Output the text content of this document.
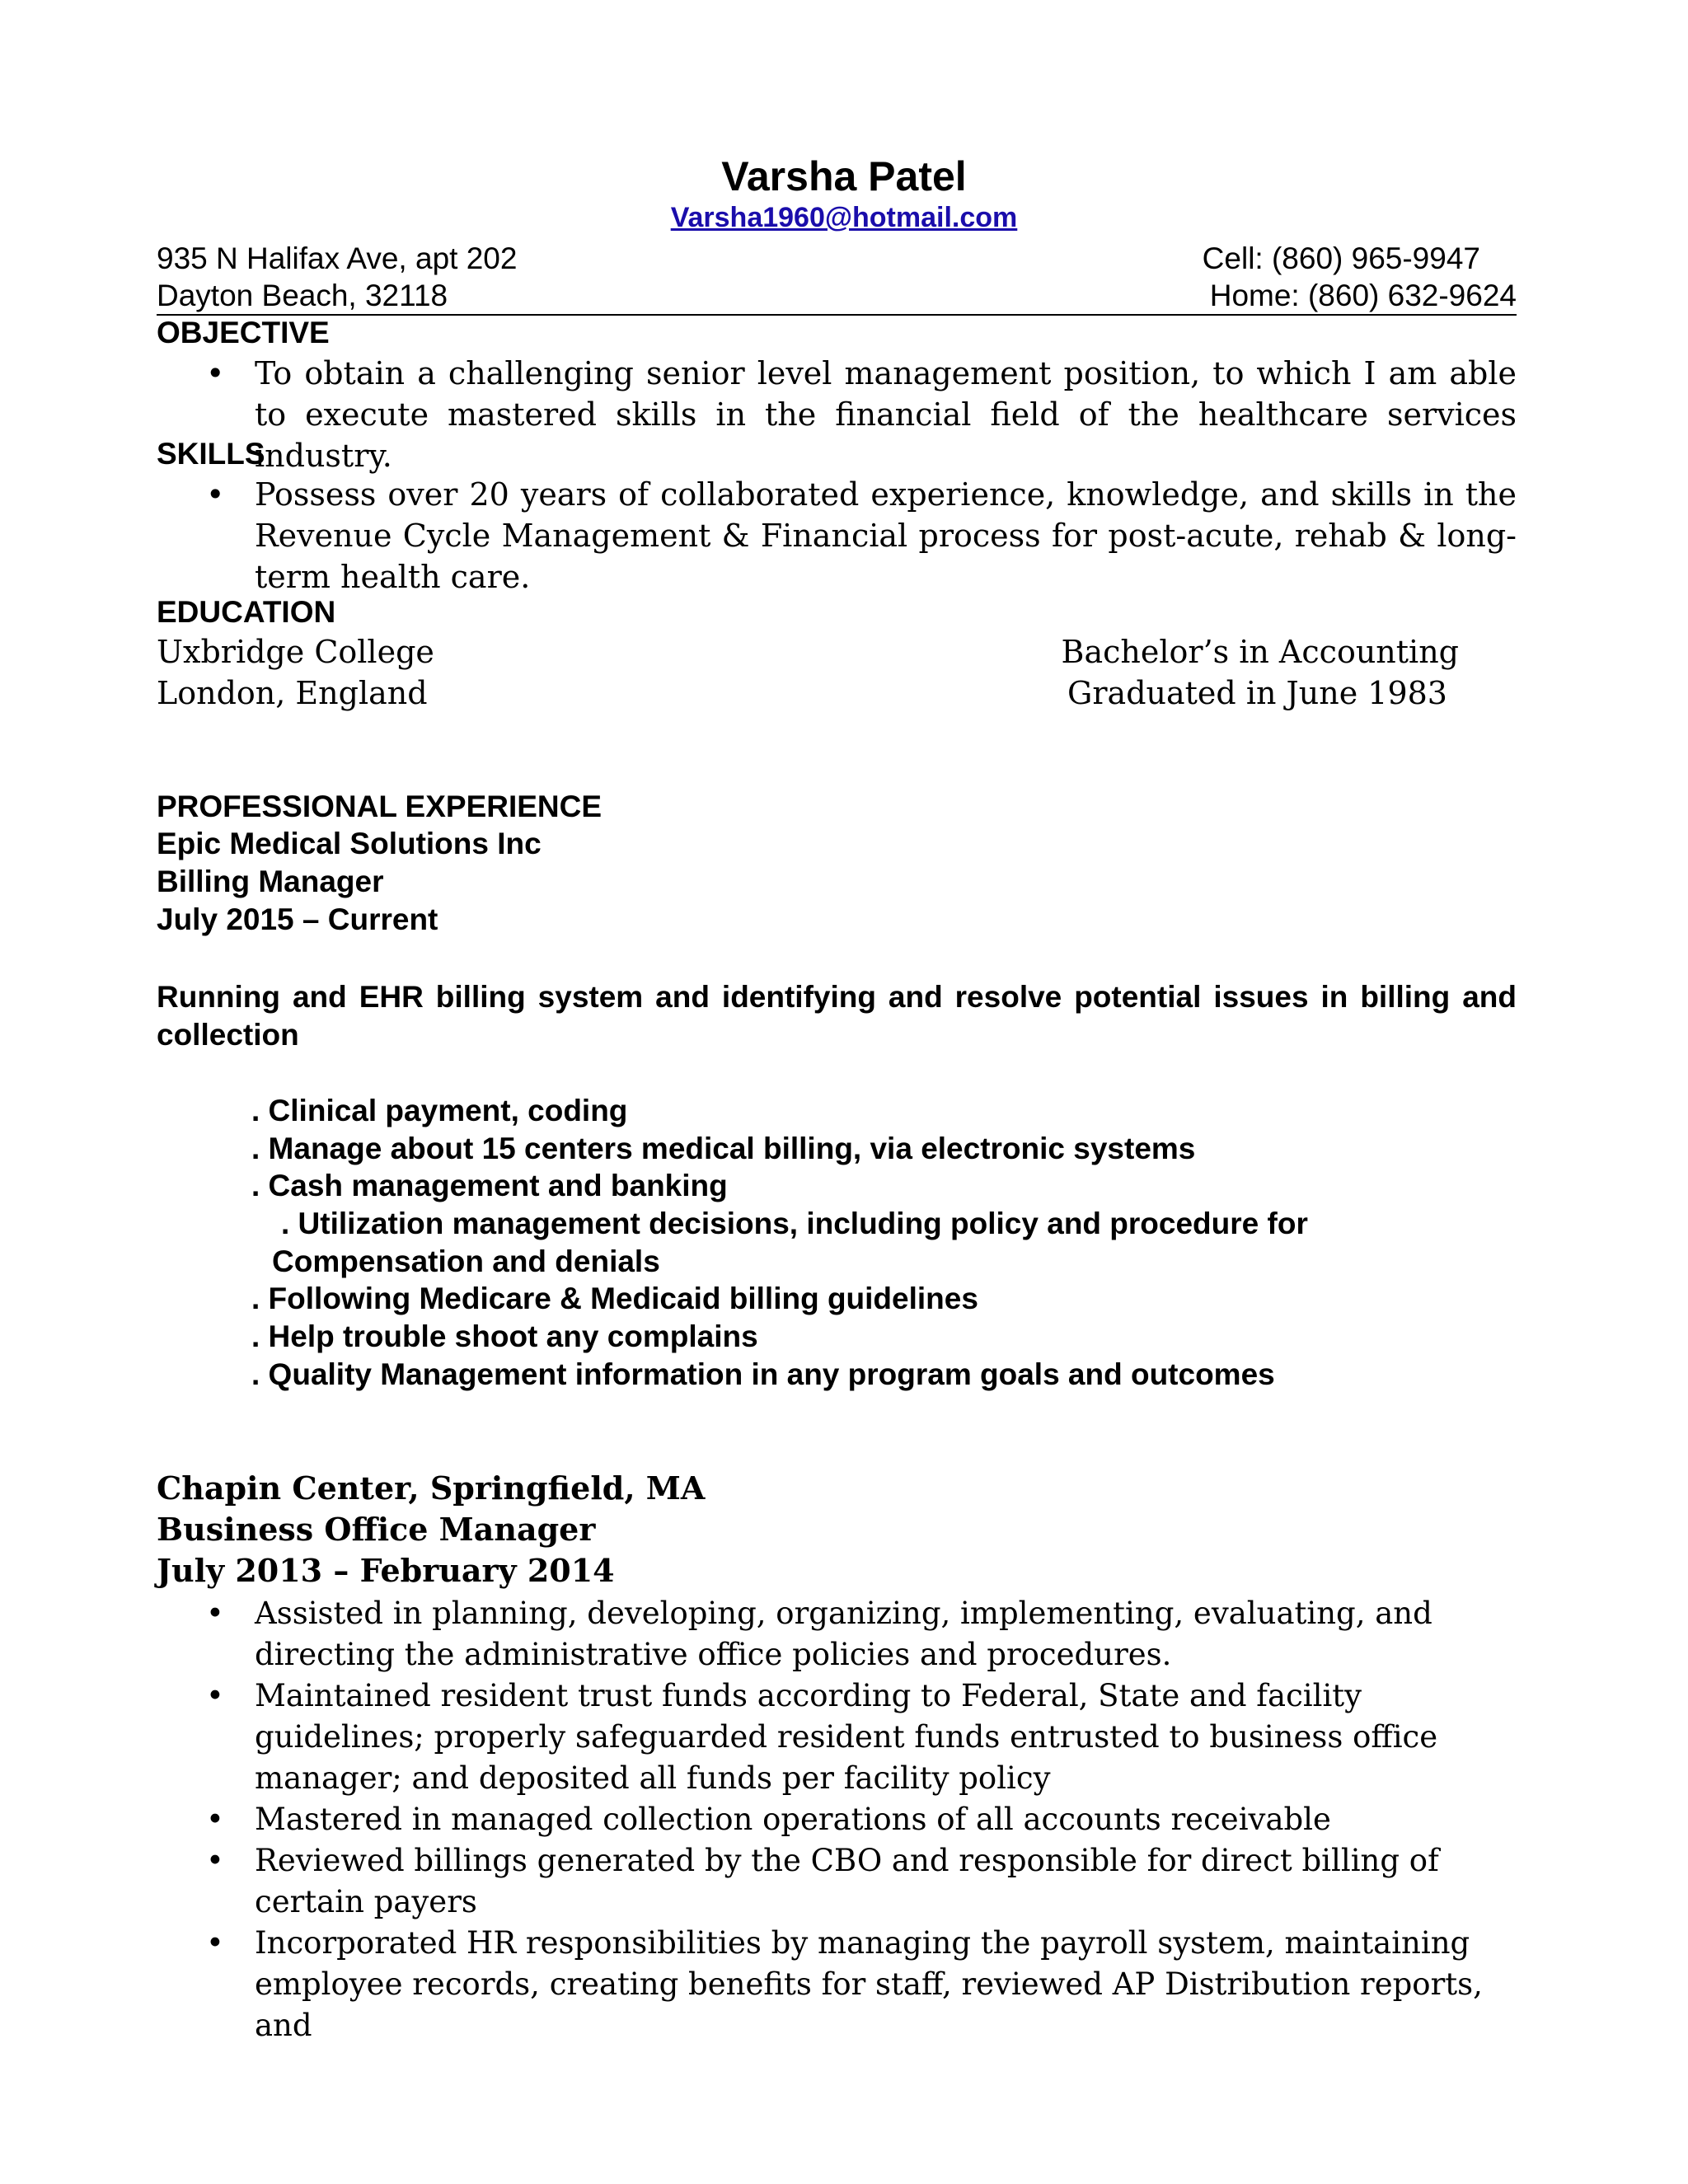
Varsha Patel
Varsha1960@hotmail.com
935 N Halifax Ave, apt 202	Cell: (860) 965-9947
Dayton Beach, 32118	Home: (860) 632-9624
OBJECTIVE
• To obtain a challenging senior level management position, to which I am able to execute mastered skills in the financial field of the healthcare services industry.
SKILLS
• Possess over 20 years of collaborated experience, knowledge, and skills in the Revenue Cycle Management & Financial process for post-acute, rehab & long-term health care.
EDUCATION
Uxbridge College
London, England
Bachelor’s in Accounting
Graduated in June 1983
PROFESSIONAL EXPERIENCE
Epic Medical Solutions Inc
Billing Manager
July 2015 – Current
Running and EHR billing system and identifying and resolve potential issues in billing and collection
. Clinical payment, coding
. Manage about 15 centers medical billing, via electronic systems
. Cash management and banking
. Utilization management decisions, including policy and procedure for
Compensation and denials
. Following Medicare & Medicaid billing guidelines
. Help trouble shoot any complains
. Quality Management information in any program goals and outcomes
Chapin Center, Springfield, MA
Business Office Manager
July 2013 – February 2014
• Assisted in planning, developing, organizing, implementing, evaluating, and directing the administrative office policies and procedures.
• Maintained resident trust funds according to Federal, State and facility guidelines; properly safeguarded resident funds entrusted to business office manager; and deposited all funds per facility policy
• Mastered in managed collection operations of all accounts receivable
• Reviewed billings generated by the CBO and responsible for direct billing of certain payers
• Incorporated HR responsibilities by managing the payroll system, maintaining employee records, creating benefits for staff, reviewed AP Distribution reports, and
